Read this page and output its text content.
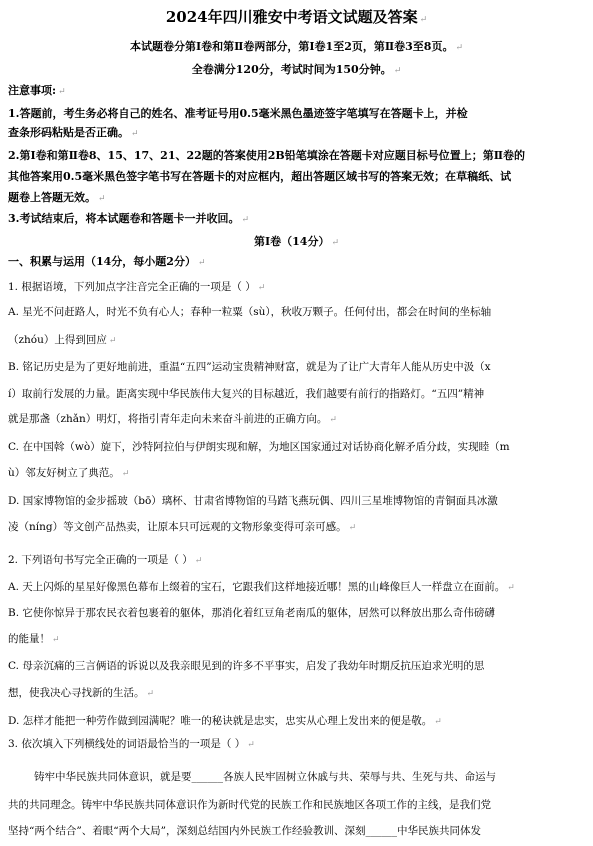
2024年四川雅安中考语文试题及答案 ↵
本试题卷分第Ⅰ卷和第Ⅱ卷两部分，第Ⅰ卷1至2页，第Ⅱ卷3至8页。 ↵
全卷满分120分，考试时间为150分钟。 ↵
注意事项: ↵
1.答题前，考生务必将自己的姓名、准考证号用0.5毫米黑色墨迹签字笔填写在答题卡上，并检
查条形码粘贴是否正确。 ↵
2.第Ⅰ卷和第Ⅱ卷8、15、17、21、22题的答案使用2B铅笔填涂在答题卡对应题目标号位置上；第Ⅱ卷的
其他答案用0.5毫米黑色签字笔书写在答题卡的对应框内，超出答题区域书写的答案无效；在草稿纸、试
题卷上答题无效。 ↵
3.考试结束后，将本试题卷和答题卡一并收回。 ↵
第Ⅰ卷（14分） ↵
一、积累与运用（14分，每小题2分） ↵
1. 根据语境，下列加点字注音完全正确的一项是（ ） ↵
A. 星光不问赶路人，时光不负有心人；春种一粒粟（sù），秋收万颗子。任何付出，都会在时间的坐标轴
（zhóu）上得到回应 ↵
B. 铭记历史是为了更好地前进，重温“五四”运动宝贵精神财富，就是为了让广大青年人能从历史中汲（x
í）取前行发展的力量。距离实现中华民族伟大复兴的目标越近，我们越要有前行的指路灯。“五四”精神
就是那盏（zhǎn）明灯，将指引青年走向未来奋斗前进的正确方向。 ↵
C. 在中国斡（wò）旋下，沙特阿拉伯与伊朗实现和解，为地区国家通过对话协商化解矛盾分歧，实现睦（m
ù）邻友好树立了典范。 ↵
D. 国家博物馆的金步摇玻（bō）璃杯、甘肃省博物馆的马踏飞燕玩偶、四川三星堆博物馆的青铜面具冰激
凌（níng）等文创产品热卖，让原本只可远观的文物形象变得可亲可感。 ↵
2. 下列语句书写完全正确的一项是（ ） ↵
A. 天上闪烁的星星好像黑色幕布上缀着的宝石，它跟我们这样地接近哪！黑的山峰像巨人一样盘立在面前。 ↵
B. 它使你惊异于那农民衣着包裹着的躯体，那消化着红豆角老南瓜的躯体，居然可以释放出那么奇伟磅礴
的能量！ ↵
C. 母亲沉痛的三言俩语的诉说以及我亲眼见到的许多不平事实，启发了我幼年时期反抗压迫求光明的思
想，使我决心寻找新的生活。 ↵
D. 怎样才能把一种劳作做到园满呢？唯一的秘诀就是忠实，忠实从心理上发出来的便是敬。 ↵
3. 依次填入下列横线处的词语最恰当的一项是（ ） ↵
铸牢中华民族共同体意识，就是要______各族人民牢固树立休戚与共、荣辱与共、生死与共、命运与
共的共同理念。铸牢中华民族共同体意识作为新时代党的民族工作和民族地区各项工作的主线，是我们党
坚持“两个结合”、着眼“两个大局”，深刻总结国内外民族工作经验教训、深刻______中华民族共同体发
